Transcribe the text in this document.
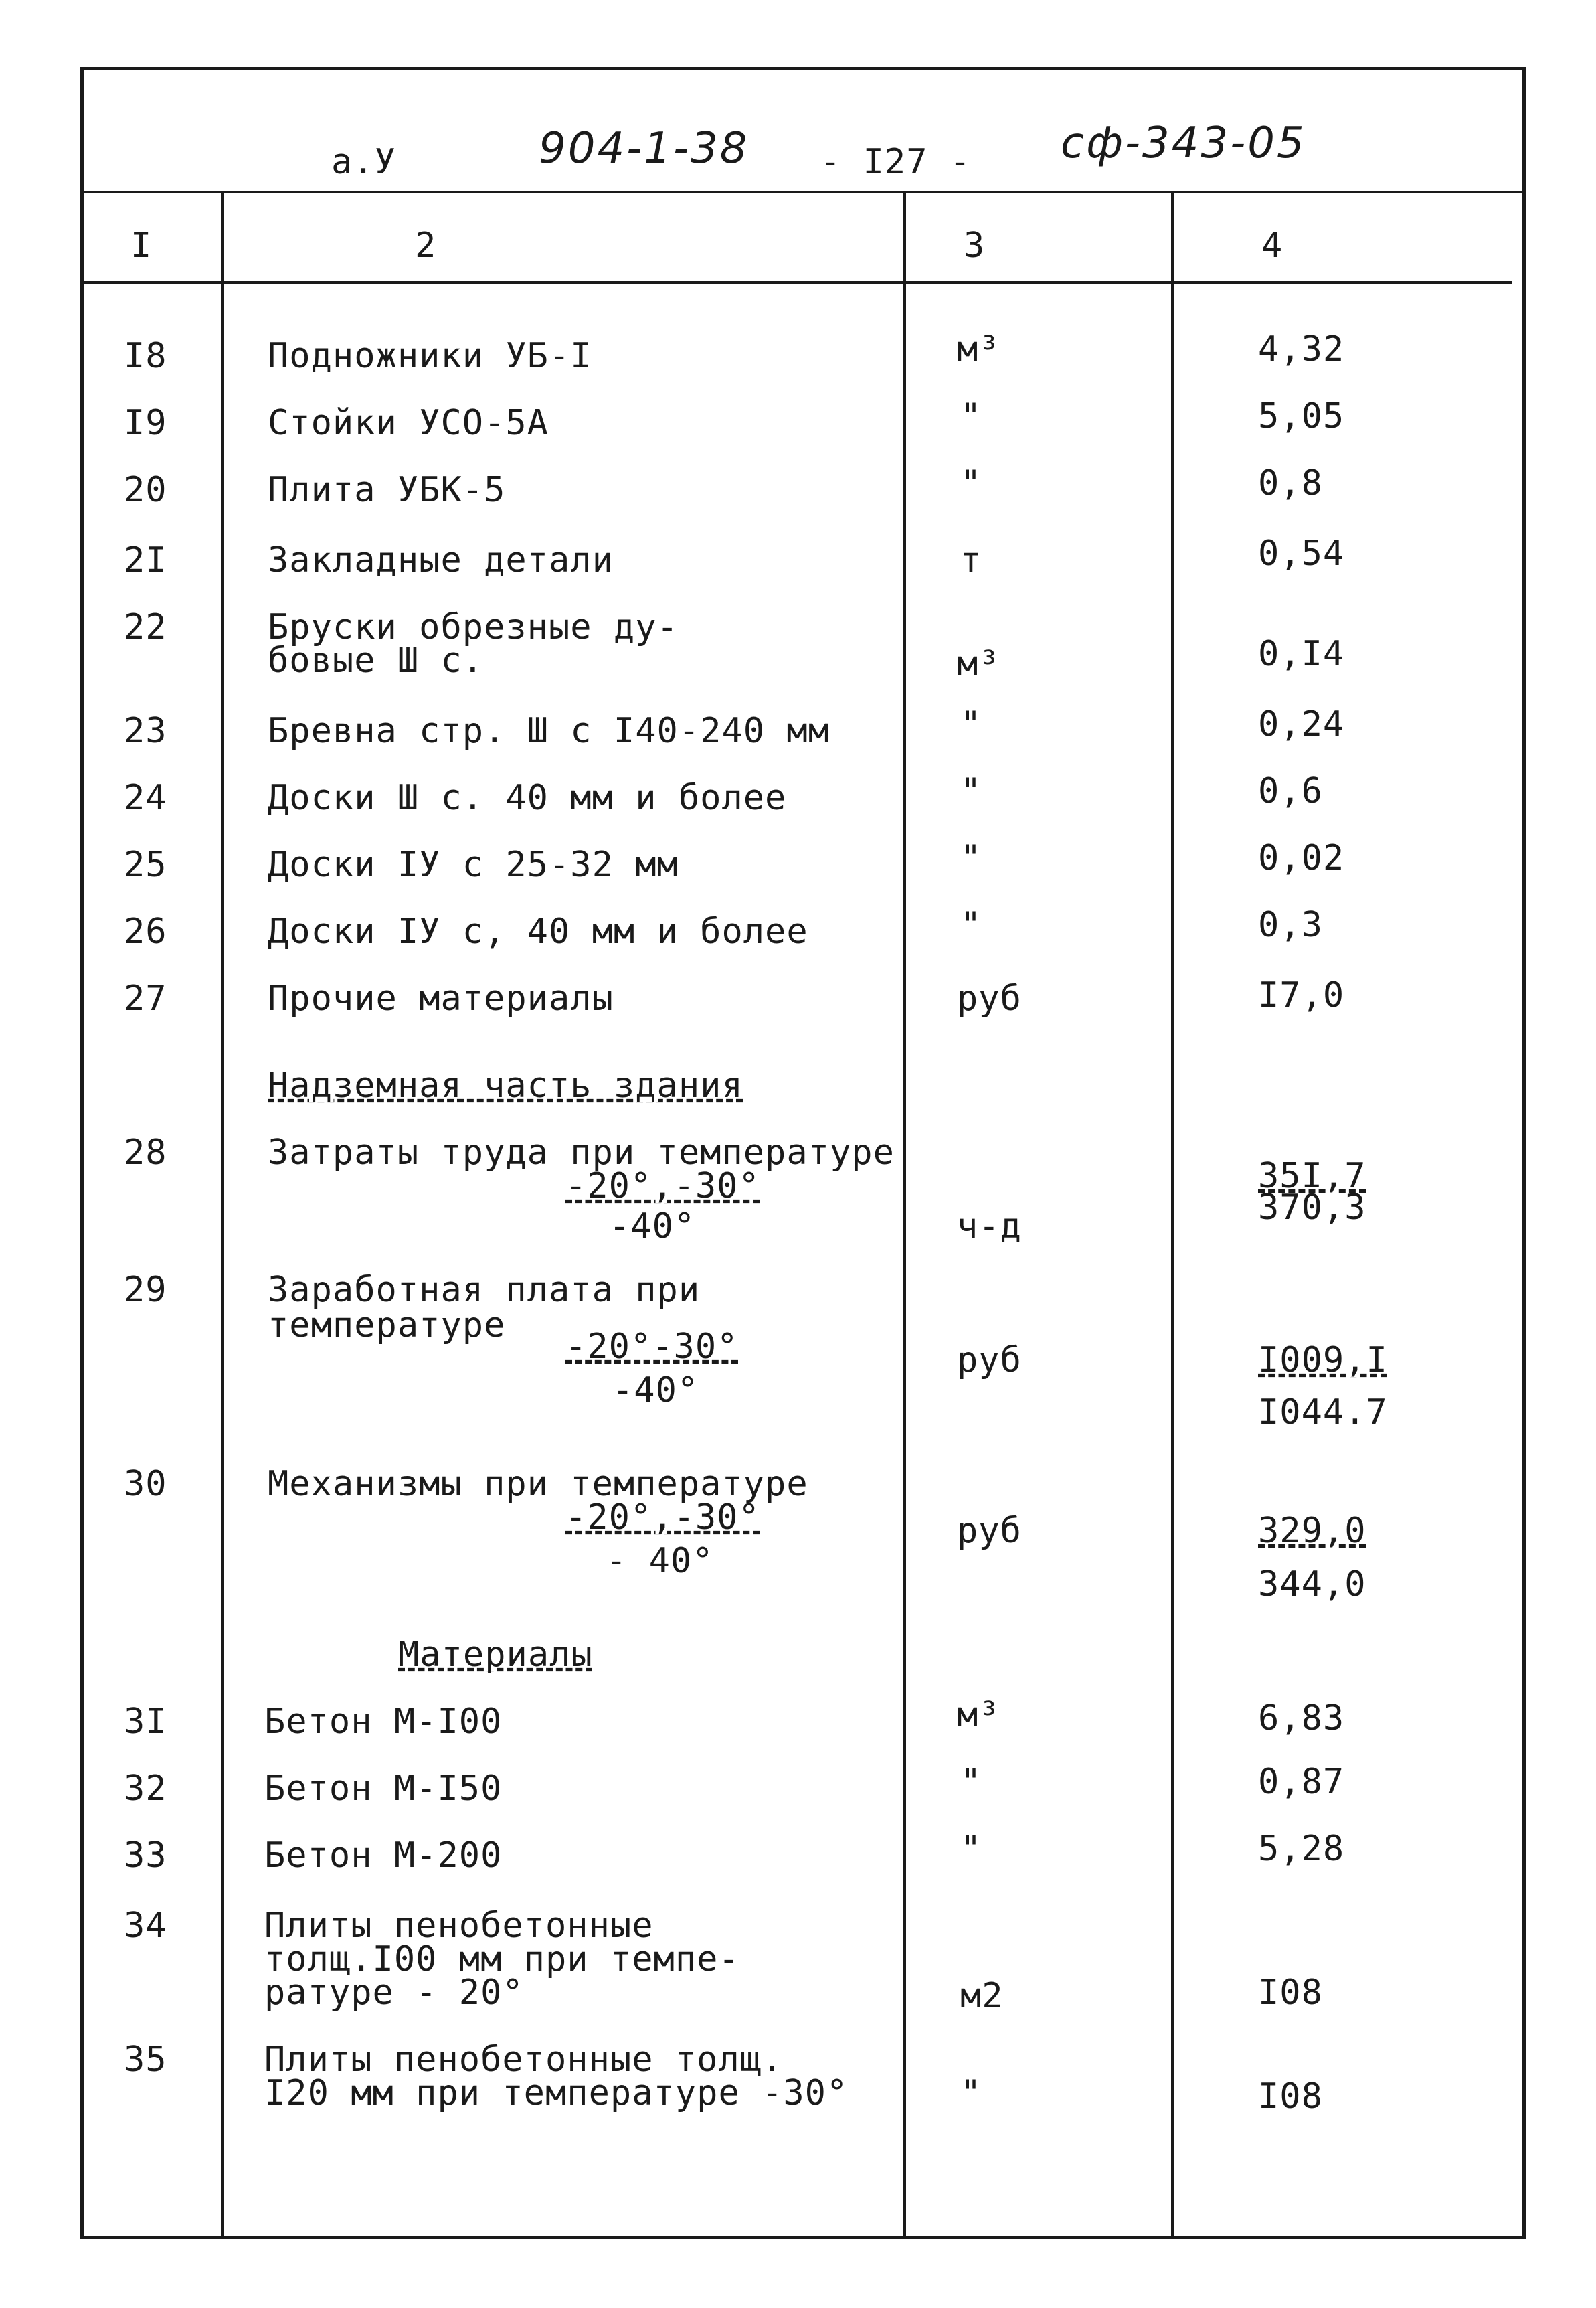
а.У	904-1-38 - I27 - сф-343-05
I	2	3	4
I8	Подножники УБ-I	м³	4,32
I9	Стойки УСО-5А	"	5,05
20	Плита УБК-5	"	0,8
2I	Закладные детали	т	0,54
22	Бруски обрезные ду-
бовые Ш с.	м³	0,I4
23	Бревна стр. Ш с I40-240 мм	"	0,24
24	Доски Ш с. 40 мм и более	"	0,6
25	Доски IУ с 25-32 мм	"	0,02
26	Доски IУ с, 40 мм и более	"	0,3
27	Прочие материалы	руб	I7,0
Надземная часть здания
28	Затраты труда при температуре
-20°,-30°
-40°	ч-д
35I,7
370,3
29	Заработная плата при
температуре
-20°-30°
-40°
руб	I009,I
I044.7
30	Механизмы при температуре
-20°,-30°
- 40°
руб	329,0
344,0
Материалы
3I	Бетон М-I00	м³	6,83
32	Бетон М-I50	"	0,87
33	Бетон М-200	"	5,28
34	Плиты пенобетонные
толщ.I00 мм при темпе-
ратуре - 20°	м2	I08
35	Плиты пенобетонные толщ.
I20 мм при температуре -30°	"	I08
